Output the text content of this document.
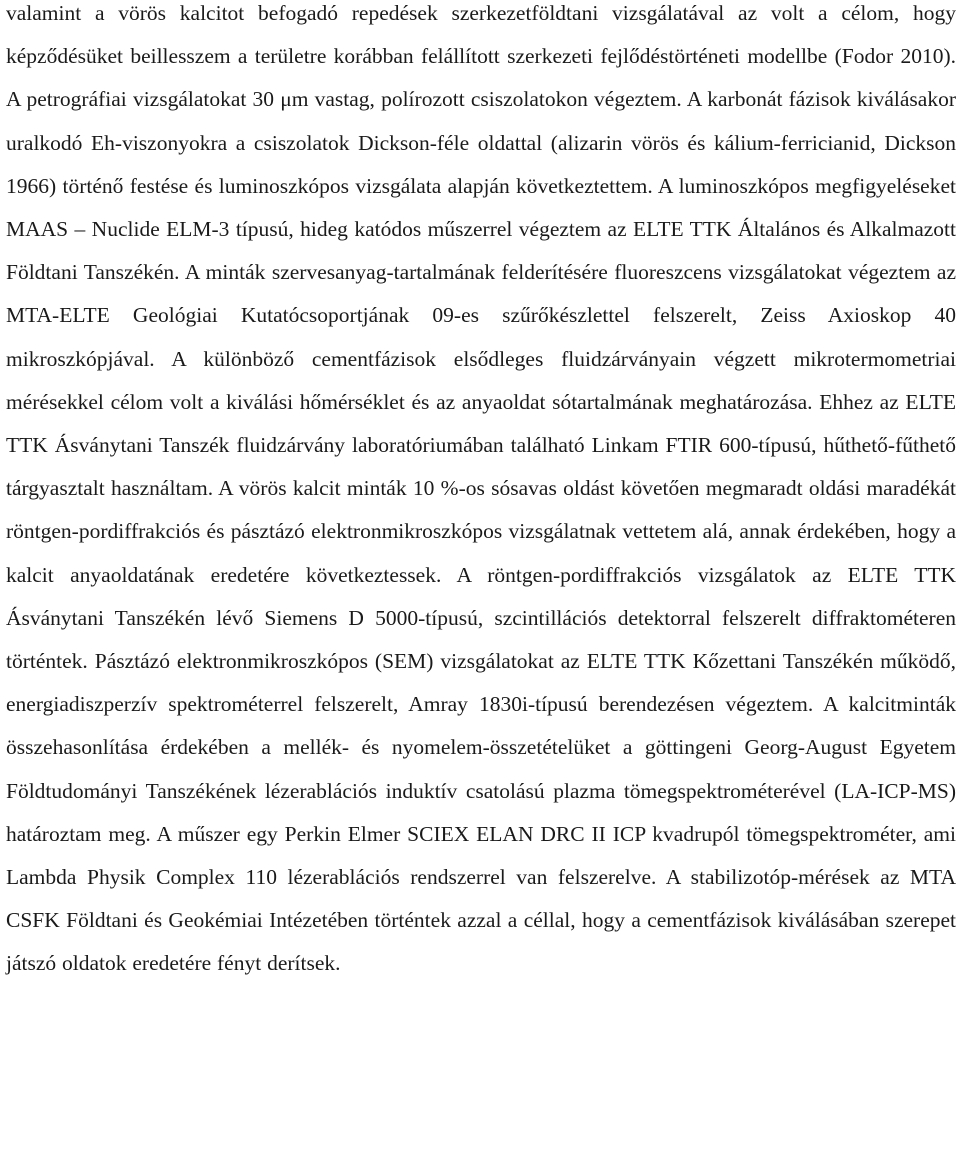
valamint a vörös kalcitot befogadó repedések szerkezetföldtani vizsgálatával az volt a célom, hogy képződésüket beillesszem a területre korábban felállított szerkezeti fejlődéstörténeti modellbe (Fodor 2010). A petrográfiai vizsgálatokat 30 μm vastag, polírozott csiszolatokon végeztem. A karbonát fázisok kiválásakor uralkodó Eh-viszonyokra a csiszolatok Dickson-féle oldattal (alizarin vörös és kálium-ferricianid, Dickson 1966) történő festése és luminoszkópos vizsgálata alapján következtettem. A luminoszkópos megfigyeléseket MAAS – Nuclide ELM-3 típusú, hideg katódos műszerrel végeztem az ELTE TTK Általános és Alkalmazott Földtani Tanszékén. A minták szervesanyag-tartalmának felderítésére fluoreszcens vizsgálatokat végeztem az MTA-ELTE Geológiai Kutatócsoportjának 09-es szűrőkészlettel felszerelt, Zeiss Axioskop 40 mikroszkópjával. A különböző cementfázisok elsődleges fluidzárványain végzett mikrotermometriai mérésekkel célom volt a kiválási hőmérséklet és az anyaoldat sótartalmának meghatározása. Ehhez az ELTE TTK Ásványtani Tanszék fluidzárvány laboratóriumában található Linkam FTIR 600-típusú, hűthető-fűthető tárgyasztalt használtam. A vörös kalcit minták 10 %-os sósavas oldást követően megmaradt oldási maradékát röntgen-pordiffrakciós és pásztázó elektronmikroszkópos vizsgálatnak vettetem alá, annak érdekében, hogy a kalcit anyaoldatának eredetére következtessek. A röntgen-pordiffrakciós vizsgálatok az ELTE TTK Ásványtani Tanszékén lévő Siemens D 5000-típusú, szcintillációs detektorral felszerelt diffraktométeren történtek. Pásztázó elektronmikroszkópos (SEM) vizsgálatokat az ELTE TTK Kőzettani Tanszékén működő, energiadiszperzív spektrométerrel felszerelt, Amray 1830i-típusú berendezésen végeztem. A kalcitminták összehasonlítása érdekében a mellék- és nyomelem-összetételüket a göttingeni Georg-August Egyetem Földtudományi Tanszékének lézerablációs induktív csatolású plazma tömegspektrométerével (LA-ICP-MS) határoztam meg. A műszer egy Perkin Elmer SCIEX ELAN DRC II ICP kvadrupól tömegspektrométer, ami Lambda Physik Complex 110 lézerablációs rendszerrel van felszerelve. A stabilizotóp-mérések az MTA CSFK Földtani és Geokémiai Intézetében történtek azzal a céllal, hogy a cementfázisok kiválásában szerepet játszó oldatok eredetére fényt derítsek.
